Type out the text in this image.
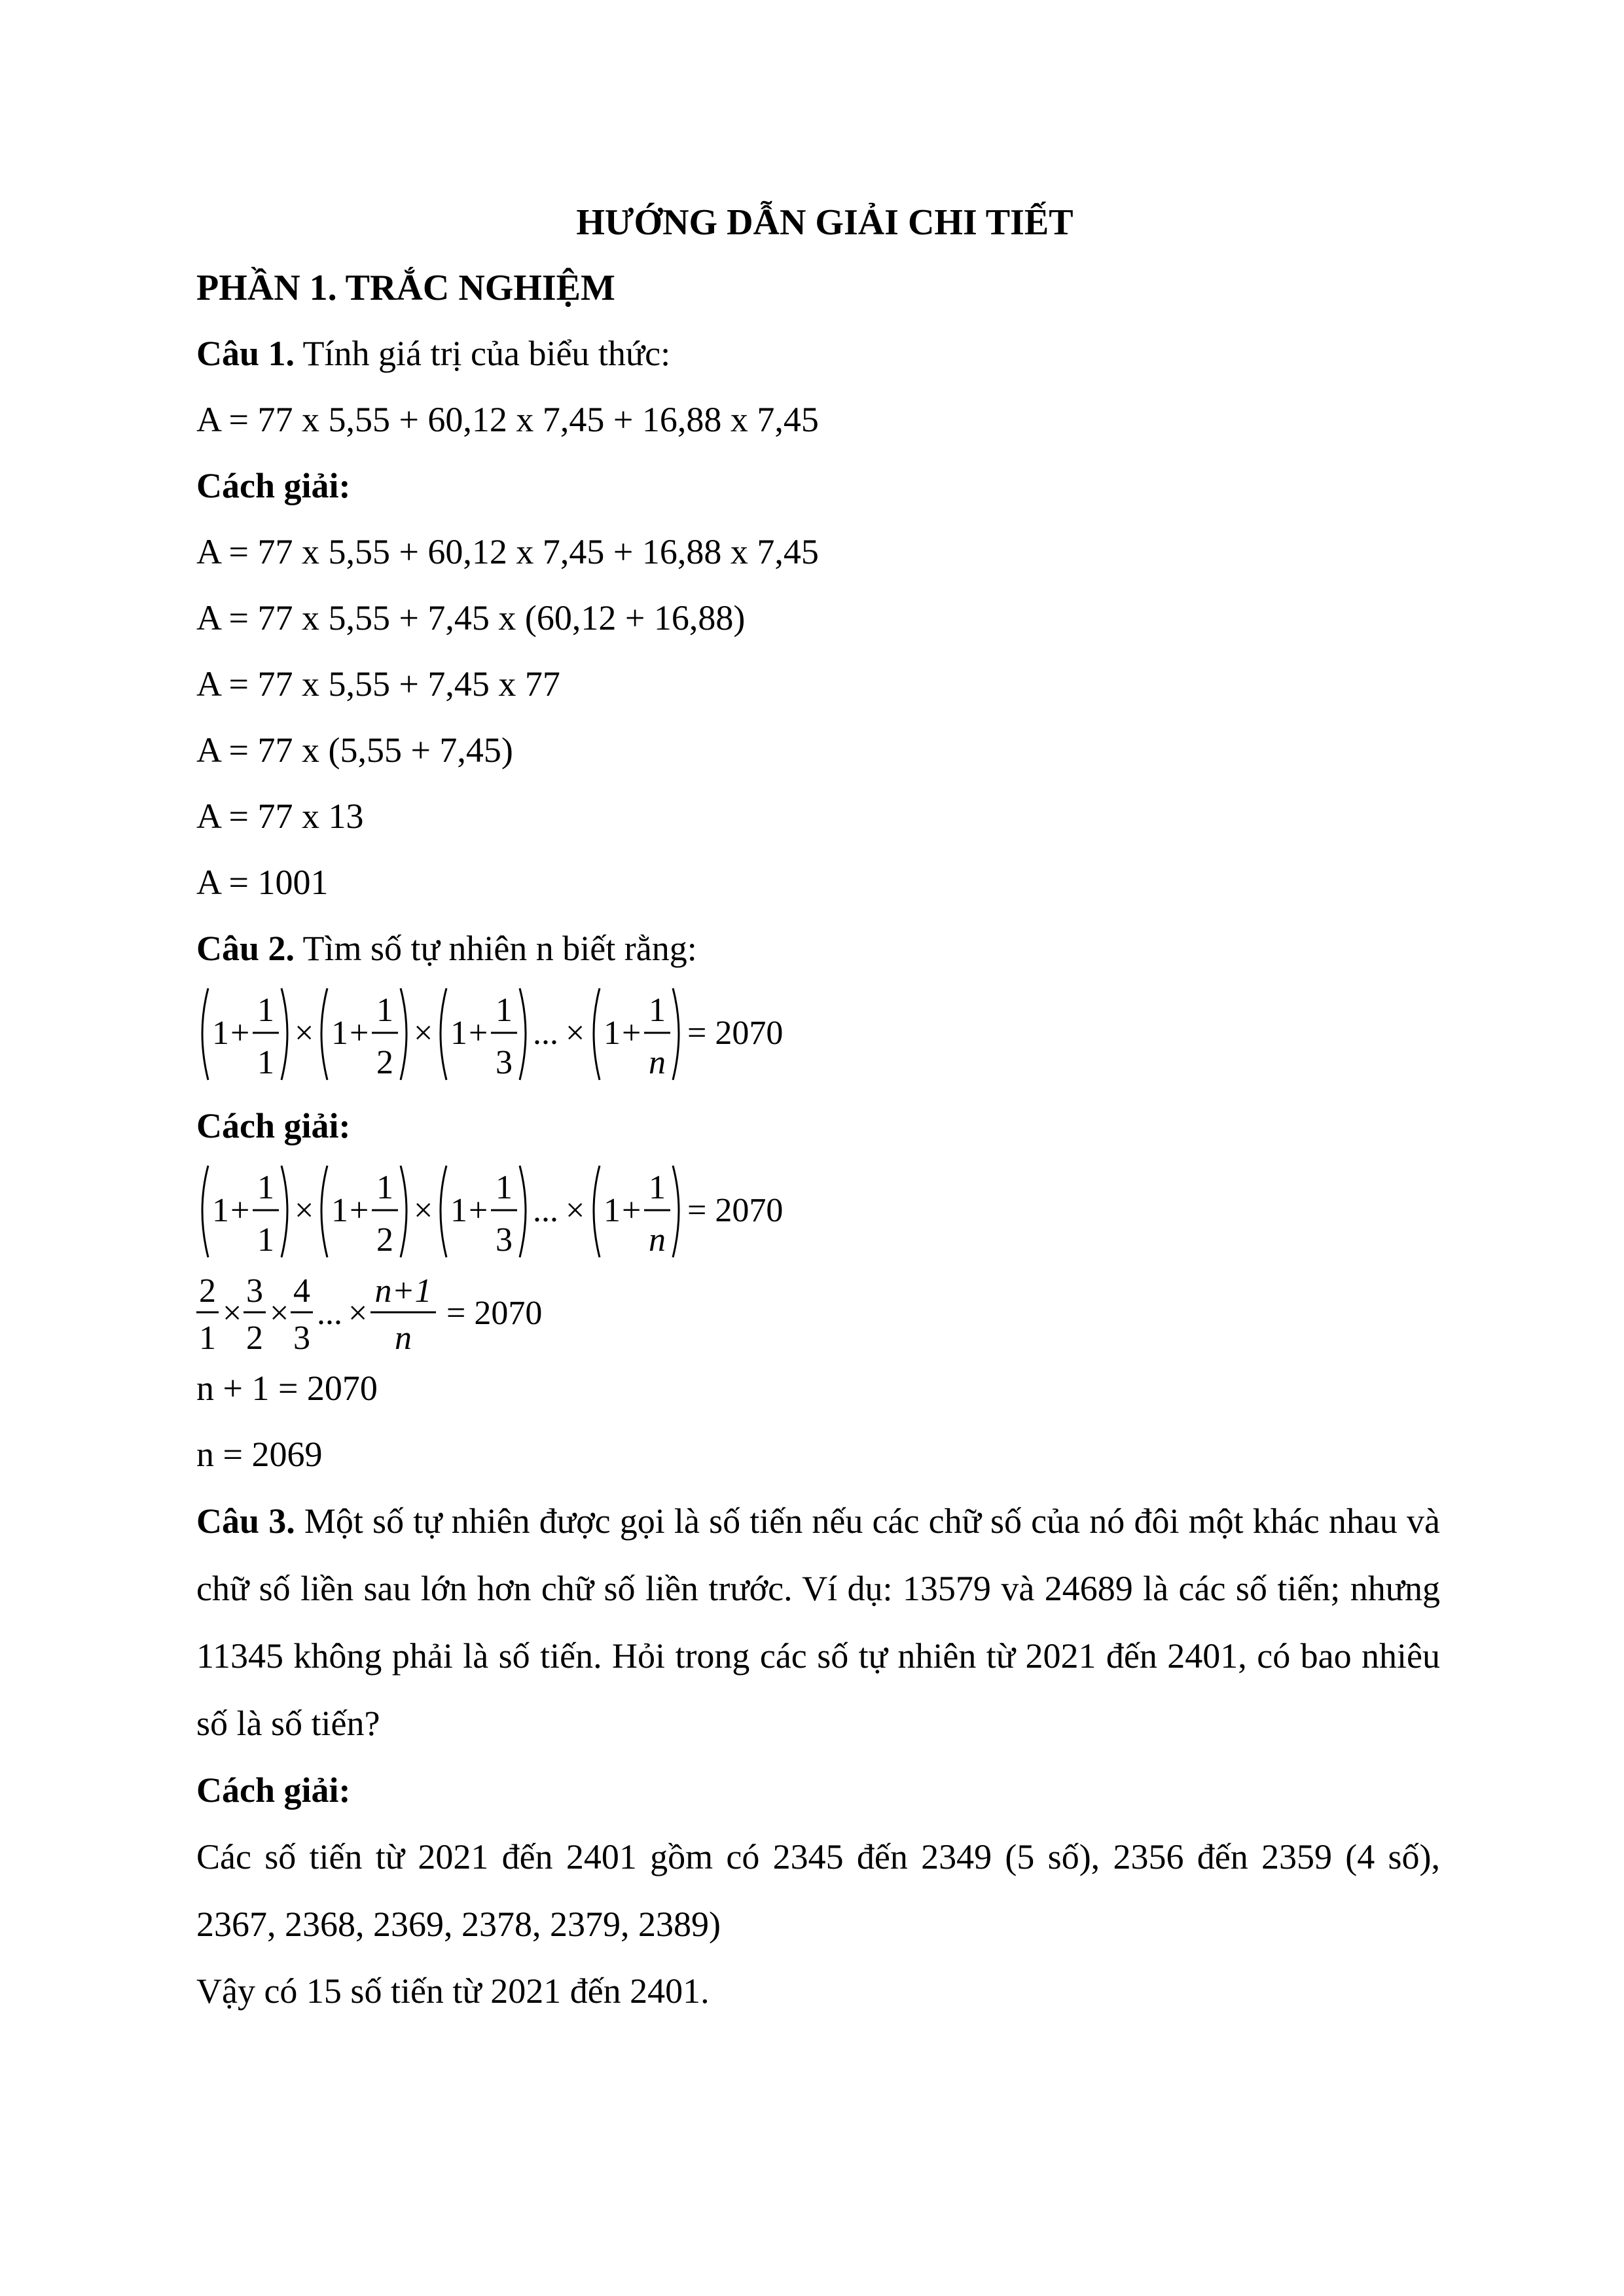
HƯỚNG DẪN GIẢI CHI TIẾT
PHẦN 1. TRẮC NGHIỆM
Câu 1. Tính giá trị của biểu thức:
A = 77 x 5,55 + 60,12 x 7,45 + 16,88 x 7,45
Cách giải:
A = 77 x 5,55 + 60,12 x 7,45 + 16,88 x 7,45
A = 77 x 5,55 + 7,45 x (60,12 + 16,88)
A = 77 x 5,55 + 7,45 x 77
A = 77 x (5,55 + 7,45)
A = 77 x 13
A = 1001
Câu 2. Tìm số tự nhiên n biết rằng:
1 +
1
1
× 1 +
1
2
× 1 +
1
3
... × 1 +
1
n
= 2070
Cách giải:
1 +
1
1
× 1 +
1
2
× 1 +
1
3
... × 1 +
1
n
= 2070
2
1
×
3
2
×
4
3
... ×
n+1
n
= 2070
n + 1 = 2070
n = 2069
Câu 3. Một số tự nhiên được gọi là số tiến nếu các chữ số của nó đôi một khác nhau và chữ số liền sau lớn hơn chữ số liền trước. Ví dụ: 13579 và 24689 là các số tiến; nhưng 11345 không phải là số tiến. Hỏi trong các số tự nhiên từ 2021 đến 2401, có bao nhiêu số là số tiến?
Cách giải:
Các số tiến từ 2021 đến 2401 gồm có 2345 đến 2349 (5 số), 2356 đến 2359 (4 số), 2367, 2368, 2369, 2378, 2379, 2389)
Vậy có 15 số tiến từ 2021 đến 2401.
